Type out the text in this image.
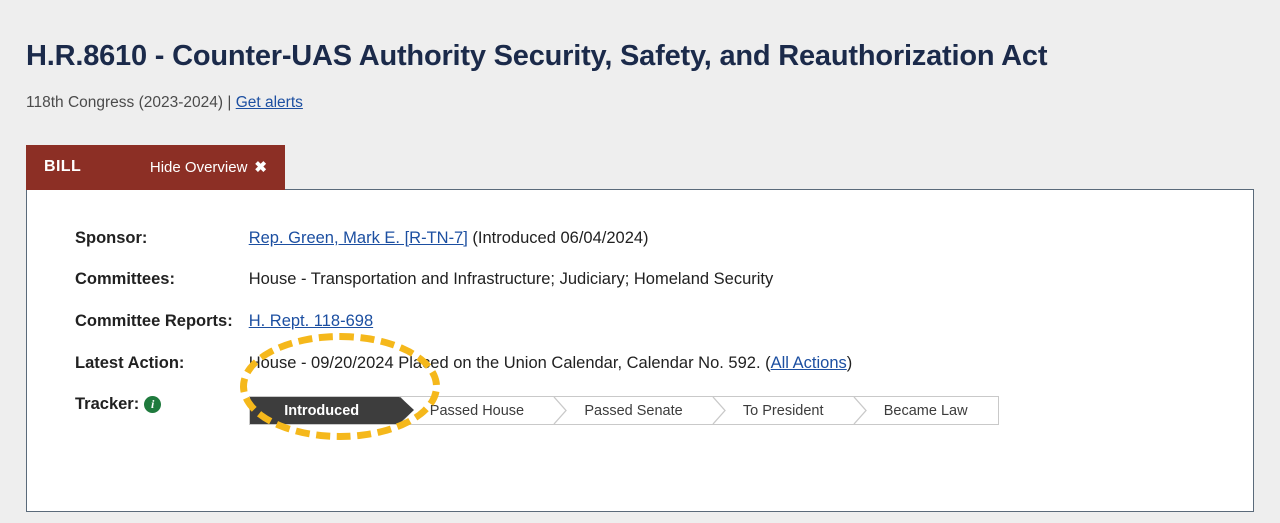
H.R.8610 - Counter-UAS Authority Security, Safety, and Reauthorization Act
118th Congress (2023-2024) | Get alerts
BILL	Hide Overview ✖
Sponsor:	Rep. Green, Mark E. [R-TN-7] (Introduced 06/04/2024)
Committees:	House - Transportation and Infrastructure; Judiciary; Homeland Security
Committee Reports:	H. Rept. 118-698
Latest Action:	House - 09/20/2024 Placed on the Union Calendar, Calendar No. 592. (All Actions)
Tracker: i	Introduced Passed House Passed Senate To President Became Law
